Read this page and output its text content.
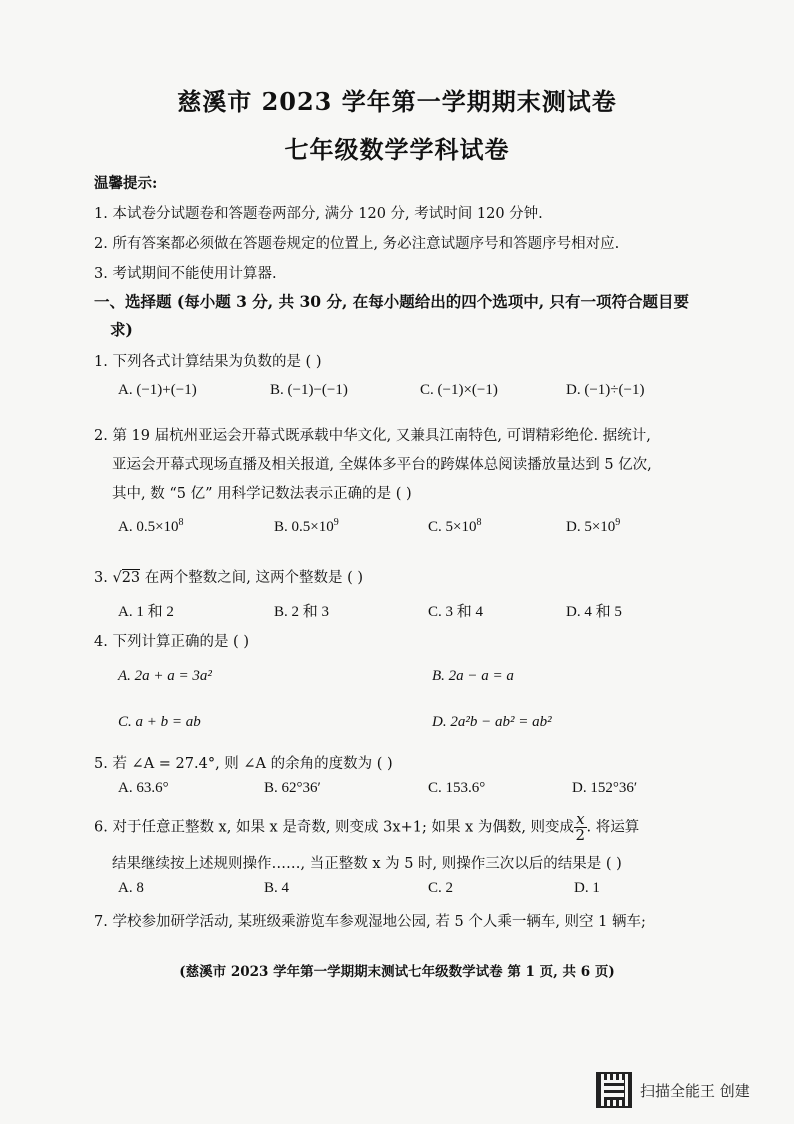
慈溪市 2023 学年第一学期期末测试卷
七年级数学学科试卷
温馨提示:
1. 本试卷分试题卷和答题卷两部分, 满分 120 分, 考试时间 120 分钟.
2. 所有答案都必须做在答题卷规定的位置上, 务必注意试题序号和答题序号相对应.
3. 考试期间不能使用计算器.
一、选择题 (每小题 3 分, 共 30 分, 在每小题给出的四个选项中, 只有一项符合题目要
求)
1. 下列各式计算结果为负数的是 ( )
A. (−1)+(−1)	B. (−1)−(−1)	C. (−1)×(−1)	D. (−1)÷(−1)
2. 第 19 届杭州亚运会开幕式既承载中华文化, 又兼具江南特色, 可谓精彩绝伦. 据统计,
亚运会开幕式现场直播及相关报道, 全媒体多平台的跨媒体总阅读播放量达到 5 亿次,
其中, 数 “5 亿” 用科学记数法表示正确的是 ( )
A. $0.5\times 10^8$	B. $0.5\times 10^9$	C. $5\times 10^8$	D. $5\times 10^9$
3. √23 在两个整数之间, 这两个整数是 ( )
A. 1 和 2	B. 2 和 3	C. 3 和 4	D. 4 和 5
4. 下列计算正确的是 ( )
A. 2a + a = 3a²	B. 2a − a = a
C. a + b = ab	D. 2a²b − ab² = ab²
5. 若 ∠A = 27.4°, 则 ∠A 的余角的度数为 ( )
A. 63.6°	B. 62°36′	C. 153.6°	D. 152°36′
6. 对于任意正整数 x, 如果 x 是奇数, 则变成 3x+1; 如果 x 为偶数, 则变成 $\frac{x}{2}$ . 将运算
结果继续按上述规则操作……, 当正整数 x 为 5 时, 则操作三次以后的结果是 ( )
A. 8	B. 4	C. 2	D. 1
7. 学校参加研学活动, 某班级乘游览车参观湿地公园, 若 5 个人乘一辆车, 则空 1 辆车;
(慈溪市 2023 学年第一学期期末测试七年级数学试卷 第 1 页, 共 6 页)
扫描全能王 创建
